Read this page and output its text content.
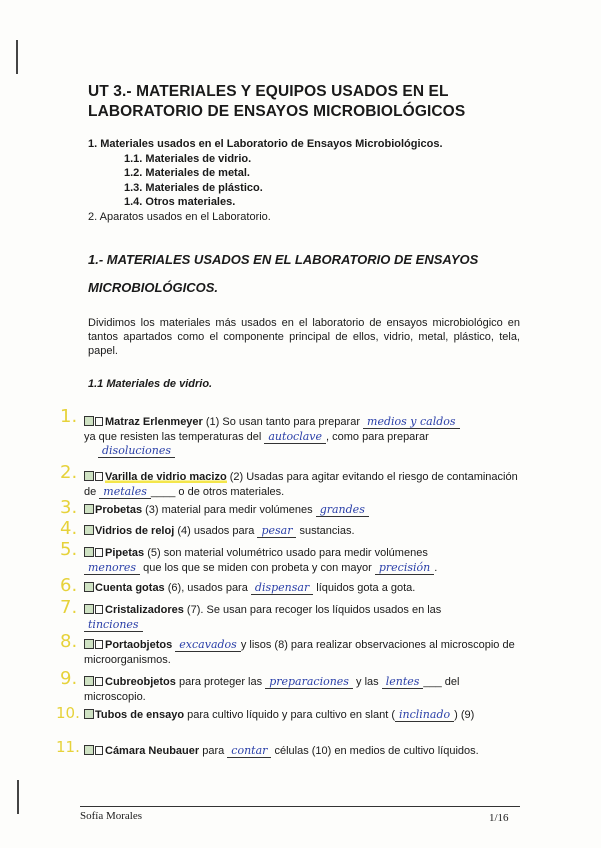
UT 3.- MATERIALES Y EQUIPOS USADOS EN EL LABORATORIO DE ENSAYOS MICROBIOLÓGICOS
1. Materiales usados en el Laboratorio de Ensayos Microbiológicos.
1.1. Materiales de vidrio.
1.2. Materiales de metal.
1.3. Materiales de plástico.
1.4. Otros materiales.
2. Aparatos usados en el Laboratorio.
1.- MATERIALES USADOS EN EL LABORATORIO DE ENSAYOS
MICROBIOLÓGICOS.
Dividimos los materiales más usados en el laboratorio de ensayos microbiológico en tantos apartados como el componente principal de ellos, vidrio, metal, plástico, tela, papel.
1.1 Materiales de vidrio.
1.	Matraz Erlenmeyer (1) So usan tanto para preparar medios y caldos
ya que resisten las temperaturas del autoclave , como para preparar
disoluciones
2.	Varilla de vidrio macizo (2) Usadas para agitar evitando el riesgo de contaminación de metales ____ o de otros materiales.
3.	Probetas (3) material para medir volúmenes grandes
4.	Vidrios de reloj (4) usados para pesar sustancias.
5.	Pipetas (5) son material volumétrico usado para medir volúmenes
menores que los que se miden con probeta y con mayor precisión .
6.	Cuenta gotas (6), usados para dispensar líquidos gota a gota.
7.	Cristalizadores (7). Se usan para recoger los líquidos usados en las
tinciones
8.	Portaobjetos excavados y lisos (8) para realizar observaciones al microscopio de microorganismos.
9.	Cubreobjetos para proteger las preparaciones y las lentes ___ del microscopio.
10.	Tubos de ensayo para cultivo líquido y para cultivo en slant ( inclinado ) (9)
11.	Cámara Neubauer para contar células (10) en medios de cultivo líquidos.
Sofía Morales	1/16
